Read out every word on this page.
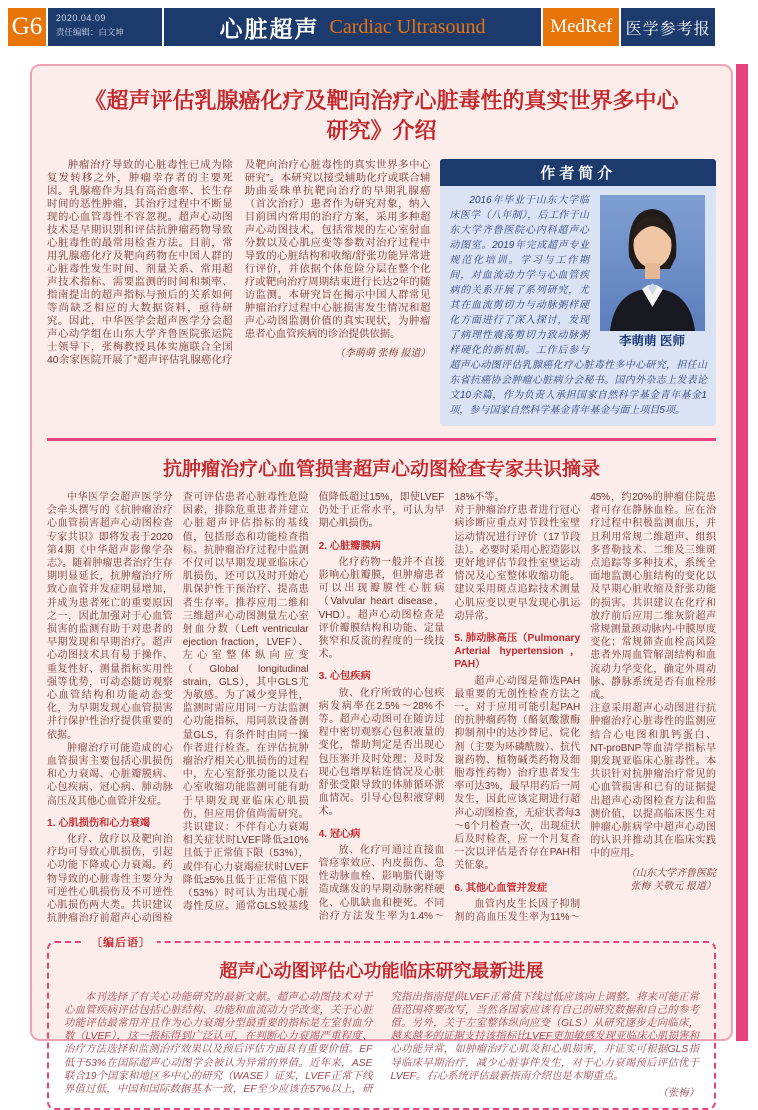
G6	2020.04.09
责任编辑：白文坤	心脏超声 Cardiac Ultrasound	MedRef 医学参考报
《超声评估乳腺癌化疗及靶向治疗心脏毒性的真实世界多中心研究》介绍

肿瘤治疗导致的心脏毒性已成为除复发转移之外，肿瘤幸存者的主要死因。乳腺癌作为具有高治愈率、长生存时间的恶性肿瘤，其治疗过程中不断显现的心血管毒性不容忽视。超声心动图技术是早期识别和评估抗肿瘤药物导致心脏毒性的最常用检查方法。目前，常用乳腺癌化疗及靶向药物在中国人群的心脏毒性发生时间、剂量关系、常用超声技术指标、需要监测的时间和频率、指南提出的超声指标与预后的关系如何等尚缺乏相应的大数据资料，亟待研究。因此，中华医学会超声医学分会超声心动学组在山东大学齐鲁医院张运院士领导下，张梅教授具体实施联合全国40余家医院开展了“超声评估乳腺癌化疗及靶向治疗心脏毒性的真实世界多中心研究”。本研究以接受辅助化疗或联合辅助曲妥珠单抗靶向治疗的早期乳腺癌（首次治疗）患者作为研究对象，纳入目前国内常用的治疗方案，采用多种超声心动图技术，包括常规的左心室射血分数以及心肌应变等参数对治疗过程中导致的心脏结构和收缩/舒张功能异常进行评价，并依据个体危险分层在整个化疗或靶向治疗周期结束进行长达2年的随访监测。本研究旨在揭示中国人群常见肿瘤治疗过程中心脏损害发生情况和超声心动图监测价值的真实现状，为肿瘤患者心血管疾病的诊治提供依据。

（李萌萌 张梅 报道）
作者简介
李萌萌 医师

2016年毕业于山东大学临床医学（八年制），后工作于山东大学齐鲁医院心内科超声心动图室。2019年完成超声专业规范化培训。学习与工作期间，对血流动力学与心血管疾病的关系开展了系列研究，尤其在血流剪切力与动脉粥样硬化方面进行了深入探讨，发现了病理性震荡剪切力致动脉粥样硬化的新机制。工作后参与超声心动图评估乳腺癌化疗心脏毒性多中心研究，担任山东省抗癌协会肿瘤心脏病分会秘书。国内外杂志上发表论文10余篇，作为负责人承担国家自然科学基金青年基金1项，参与国家自然科学基金青年基金与面上项目5项。

抗肿瘤治疗心血管损害超声心动图检查专家共识摘录

中华医学会超声医学分会牵头撰写的《抗肿瘤治疗心血管损害超声心动图检查专家共识》即将发表于2020第4期《中华超声影像学杂志》。随着肿瘤患者治疗生存期明显延长，抗肿瘤治疗所致心血管并发症明显增加，并成为患者死亡的重要原因之一，因此加强对于心血管损害的监测有助于对患者的早期发现和早期治疗。超声心动图技术具有易于操作、重复性好、测量指标实用性强等优势，可动态随访观察心血管结构和功能动态变化，为早期发现心血管损害并行保护性治疗提供重要的依据。

肿瘤治疗可能造成的心血管损害主要包括心肌损伤和心力衰竭、心脏瓣膜病、心包疾病、冠心病、肺动脉高压及其他心血管并发症。

1. 心肌损伤和心力衰竭

化疗、放疗以及靶向治疗均可导致心肌损伤，引起心功能下降或心力衰竭。药物导致的心脏毒性主要分为可逆性心肌损伤及不可逆性心肌损伤两大类。共识建议抗肿瘤治疗前超声心动图检查可评估患者心脏毒性危险因素，排除危重患者并建立心脏超声评估指标的基线值，包括形态和功能检查指标。抗肿瘤治疗过程中监测不仅可以早期发现亚临床心肌损伤，还可以及时开始心肌保护性干预治疗、提高患者生存率。推荐应用二维和三维超声心动图测量左心室射血分数（Left ventricular ejection fraction，LVEF）、左心室整体纵向应变（Global longitudinal strain，GLS），其中GLS尤为敏感。为了减少变异性，监测时需应用同一方法监测心功能指标，用同款设备测量GLS，有条件时由同一操作者进行检查。在评估抗肿瘤治疗相关心肌损伤的过程中，左心室舒张功能以及右心室收缩功能监测可能有助于早期发现亚临床心肌损伤，但应用价值尚需研究。共识建议：不伴有心力衰竭相关症状时LVEF降低≥10%且低于正常值下限（53%），或伴有心力衰竭症状时LVEF降低≥5%且低于正常值下限（53%）时可认为出现心脏毒性反应。通常GLS较基线值降低超过15%，即使LVEF仍处于正常水平，可认为早期心肌损伤。

2. 心脏瓣膜病

化疗药物一般并不直接影响心脏瓣膜，但肿瘤患者可以出现瓣膜性心脏病（Valvular heart disease，VHD）。超声心动图检查是评价瓣膜结构和功能、定量狭窄和反流的程度的一线技术。

3. 心包疾病

放、化疗所致的心包疾病发病率在2.5%～28%不等。超声心动图可在随访过程中密切观察心包积液量的变化，帮助判定是否出现心包压塞并及时处理；及时发现心包增厚粘连情况及心脏舒张受限导致的体肺循环淤血情况。引导心包积液穿刺术。

4. 冠心病

放、化疗可通过直接血管痉挛效应、内皮损伤、急性动脉血栓、影响脂代谢等造成继发的早期动脉粥样硬化、心肌缺血和梗死。不同治疗方法发生率为1.4%～18%不等。
对于肿瘤治疗患者进行冠心病诊断应重点对节段性室壁运动情况进行评价（17节段法）。必要时采用心腔造影以更好地评估节段性室壁运动情况及心室整体收缩功能。建议采用斑点追踪技术测量心肌应变以更早发现心肌运动异常。

5. 肺动脉高压（Pulmonary Arterial hypertension，PAH）

超声心动图是筛选PAH最重要的无创性检查方法之一。对于应用可能引起PAH的抗肿瘤药物（酪氨酸激酶抑制剂中的达沙替尼、烷化剂（主要为环磷酰胺）、抗代谢药物、植物碱类药物及细胞毒性药物）治疗患者发生率可达3%，最早用药后一周发生，因此应该定期进行超声心动图检查，无症状者每3～6个月检查一次，出现症状后及时检查，应一个月复查一次以评估是否存在PAH相关征象。

6. 其他心血管并发症

血管内皮生长因子抑制剂的高血压发生率为11%～45%，约20%的肿瘤住院患者可存在静脉血栓。应在治疗过程中积极监测血压，并且利用常规二维超声、组织多普勒技术、二维及三维斑点追踪等多种技术，系统全面地监测心脏结构的变化以及早期心脏收缩及舒张功能的损害。共识建议在化疗和放疗前后应用二维灰阶超声常规测量颈动脉内-中膜厚度变化；常规筛查血栓高风险患者外周血管解剖结构和血流动力学变化，确定外周动脉、静脉系统是否有血栓形成。
注意采用超声心动图进行抗肿瘤治疗心脏毒性的监测应结合心电图和肌钙蛋白、NT-proBNP等血清学指标早期发现亚临床心脏毒性。本共识针对抗肿瘤治疗常见的心血管损害和已有的证据提出超声心动图检查方法和监测价值，以提高临床医生对肿瘤心脏病学中超声心动图的认识并推动其在临床实践中的应用。

（山东大学齐鲁医院
张梅 关敬元 报道）
〔编后语〕
超声心动图评估心功能临床研究最新进展

本刊选择了有关心功能研究的最新文献。超声心动图技术对于心血管疾病评估包括心脏结构、功能和血流动力学改变，关于心脏功能评估最常用并且作为心力衰竭分型最重要的指标是左室射血分数（LVEF），这一指标得到广泛认可，在判断心力衰竭严重程度、治疗方法选择和监测治疗效果以及预后评估方面具有重要价值。EF低于53%在国际超声心动图学会被认为异常的界值。近年来，ASE联合19个国家和地区多中心的研究（WASE）证实，LVEF正常下线界值过低，中国和国际数据基本一致，EF至少应该在57%以上，研究指出指南提供LVEF正常值下线过低应该向上调整。将来可能正常值范围将要改写，当然各国家应该有自己的研究数据和自己的参考值。另外，关于左室整体纵向应变（GLS）从研究逐步走向临床，越来越多的证据支持该指标比LVEF更加敏感发现亚临床心肌损害和心功能异常，如肿瘤治疗心肌炎和心肌损害，并证实可根据GLS指导临床早期治疗，减少心脏事件发生，对于心力衰竭预后评估优于LVEF。右心系统评估最新指南介绍也是本期重点。

（张梅）
